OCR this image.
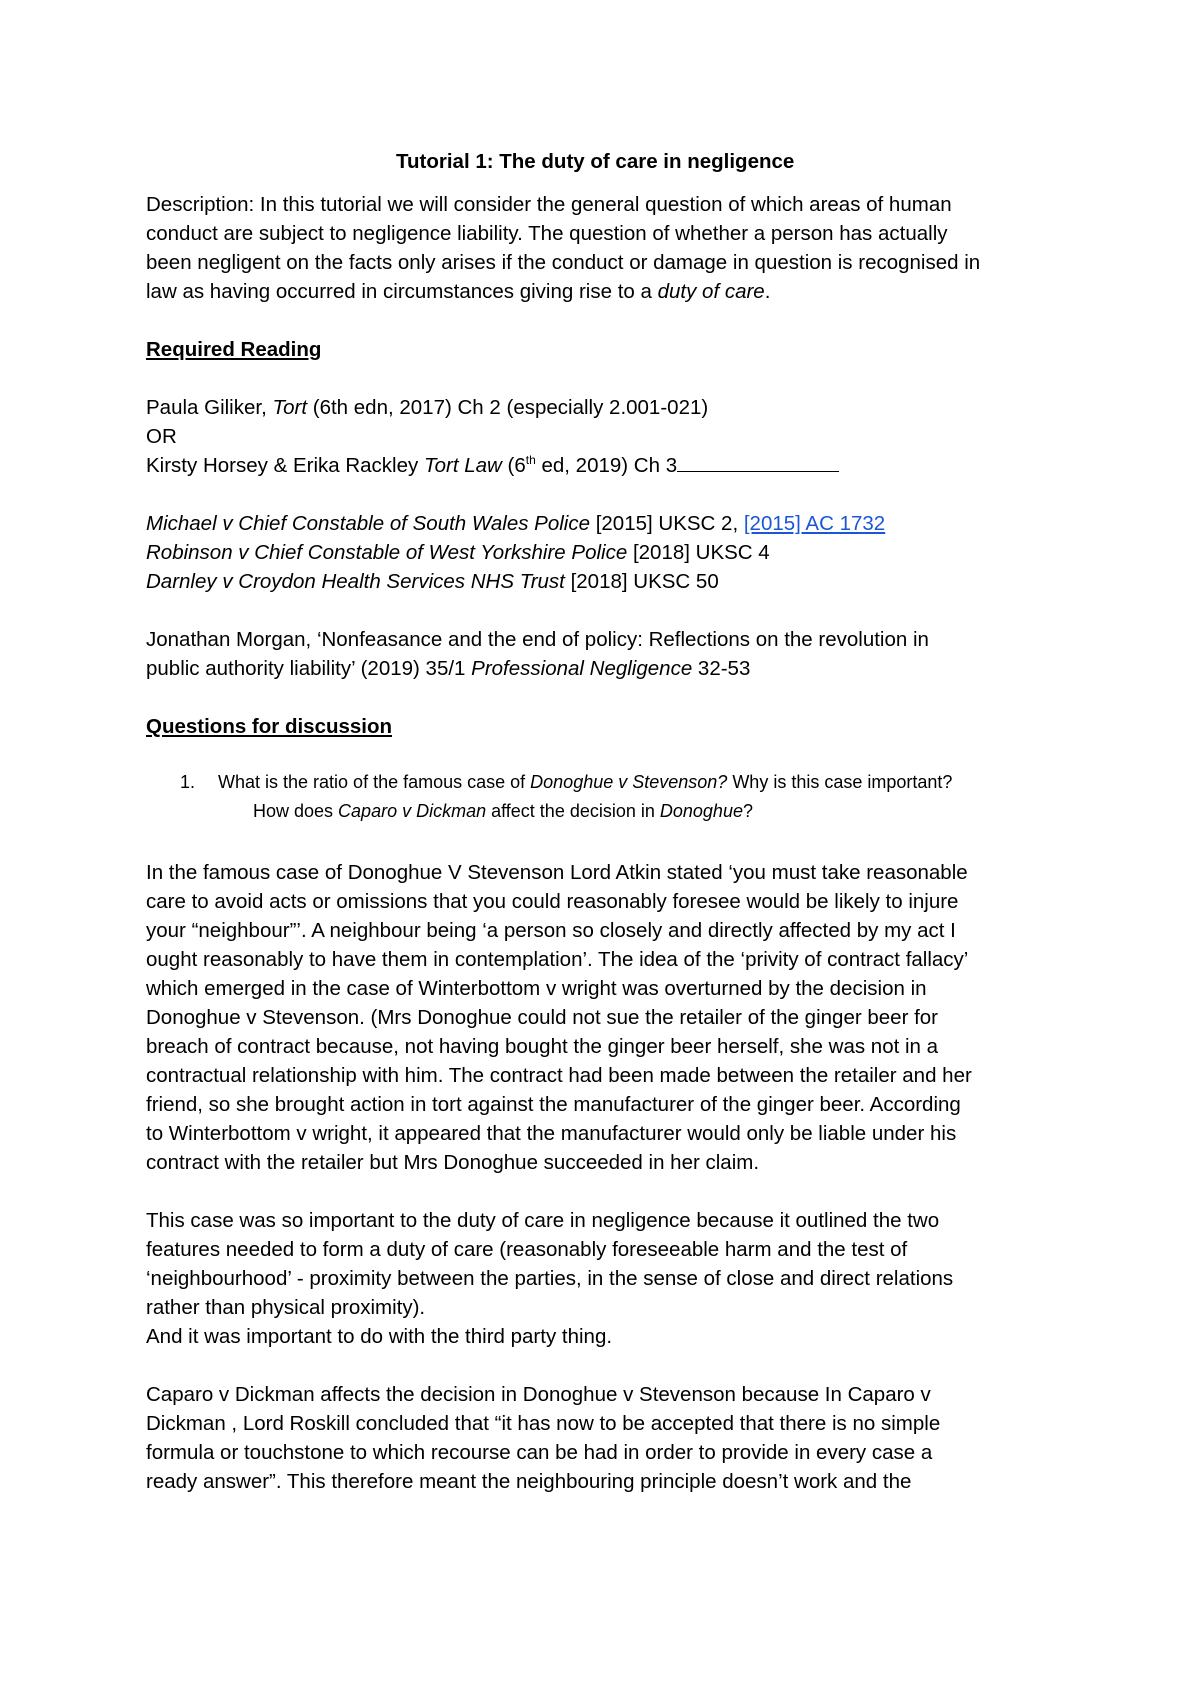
Tutorial 1: The duty of care in negligence
Description: In this tutorial we will consider the general question of which areas of human
conduct are subject to negligence liability. The question of whether a person has actually
been negligent on the facts only arises if the conduct or damage in question is recognised in
law as having occurred in circumstances giving rise to a duty of care.
Required Reading
Paula Giliker, Tort (6th edn, 2017) Ch 2 (especially 2.001-021)
OR
Kirsty Horsey & Erika Rackley Tort Law (6th ed, 2019) Ch 3
Michael v Chief Constable of South Wales Police [2015] UKSC 2, [2015] AC 1732
Robinson v Chief Constable of West Yorkshire Police [2018] UKSC 4
Darnley v Croydon Health Services NHS Trust [2018] UKSC 50
Jonathan Morgan, ‘Nonfeasance and the end of policy: Reflections on the revolution in
public authority liability’ (2019) 35/1 Professional Negligence 32-53
Questions for discussion
1. What is the ratio of the famous case of Donoghue v Stevenson? Why is this case important?
How does Caparo v Dickman affect the decision in Donoghue?
In the famous case of Donoghue V Stevenson Lord Atkin stated ‘you must take reasonable
care to avoid acts or omissions that you could reasonably foresee would be likely to injure
your “neighbour”’. A neighbour being ‘a person so closely and directly affected by my act I
ought reasonably to have them in contemplation’. The idea of the ‘privity of contract fallacy’
which emerged in the case of Winterbottom v wright was overturned by the decision in
Donoghue v Stevenson. (Mrs Donoghue could not sue the retailer of the ginger beer for
breach of contract because, not having bought the ginger beer herself, she was not in a
contractual relationship with him. The contract had been made between the retailer and her
friend, so she brought action in tort against the manufacturer of the ginger beer. According
to Winterbottom v wright, it appeared that the manufacturer would only be liable under his
contract with the retailer but Mrs Donoghue succeeded in her claim.
This case was so important to the duty of care in negligence because it outlined the two
features needed to form a duty of care (reasonably foreseeable harm and the test of
‘neighbourhood’ - proximity between the parties, in the sense of close and direct relations
rather than physical proximity).
And it was important to do with the third party thing.
Caparo v Dickman affects the decision in Donoghue v Stevenson because In Caparo v
Dickman , Lord Roskill concluded that “it has now to be accepted that there is no simple
formula or touchstone to which recourse can be had in order to provide in every case a
ready answer”. This therefore meant the neighbouring principle doesn’t work and the
